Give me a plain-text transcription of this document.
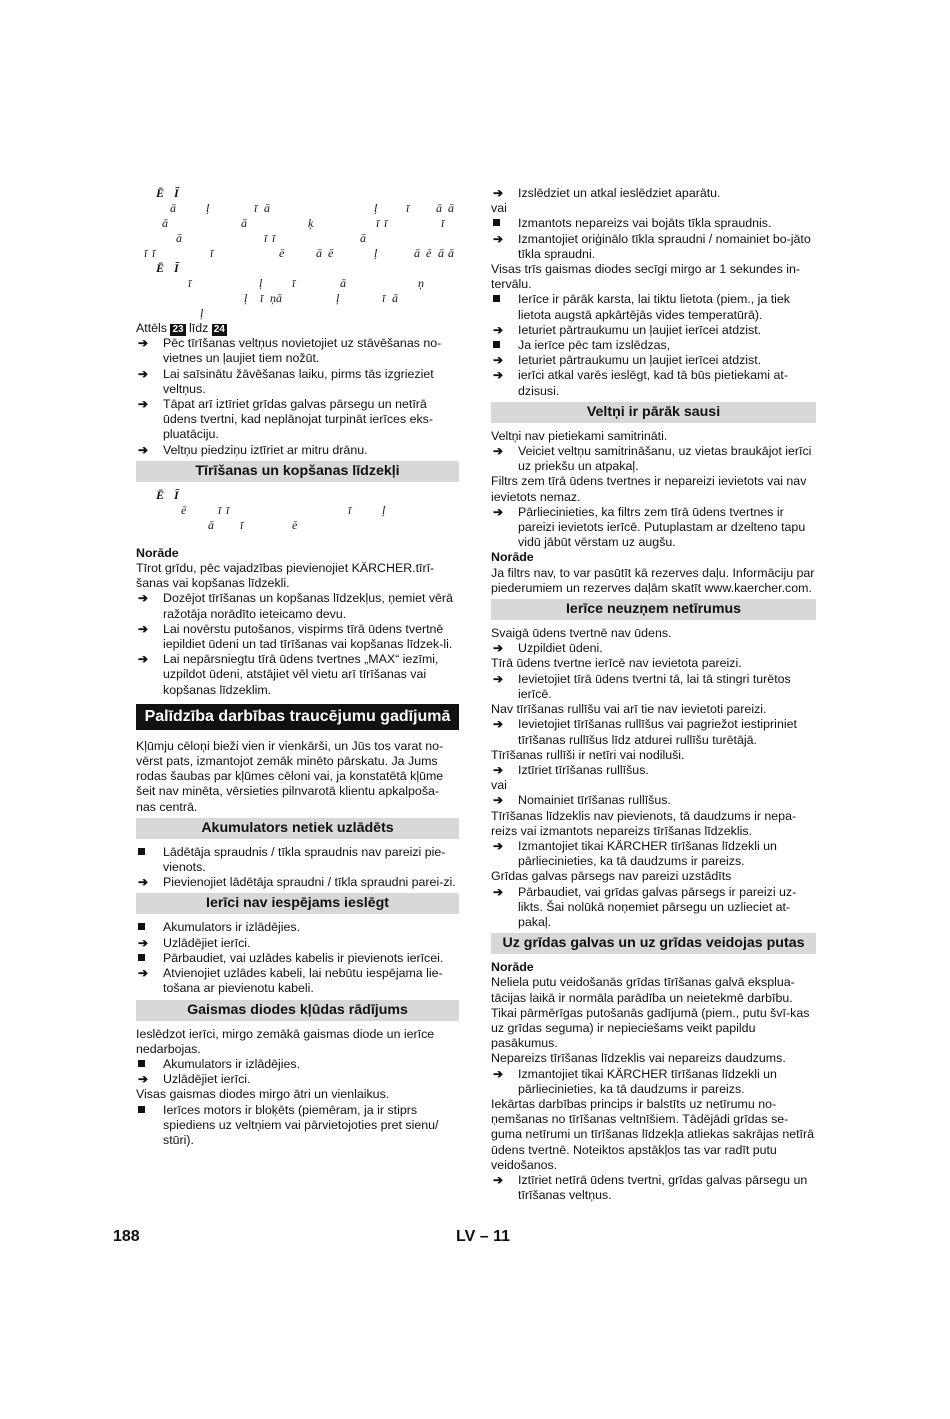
Ē Ī
ā	ļ	ī ā	ļ ī ā ā
ā	ā	ķ	ī ī	ī
ā	ī ī	ā
ī ī	ī	ē	ā ē	ļ	ā ē ā ā
Ē Ī
ī	ļ ī	ā	ņ
ļ ī ņā	ļ	ī ā
ļ

Attēls 23 līdz 24

➔
Pēc tīrīšanas veltņus novietojiet uz stāvēšanas no-vietnes un ļaujiet tiem nožūt.
➔
Lai saīsinātu žāvēšanas laiku, pirms tās izgrieziet veltņus.
➔
Tāpat arī iztīriet grīdas galvas pārsegu un netīrā ūdens tvertni, kad neplānojat turpināt ierīces eks-pluatāciju.
➔
Veltņu piedziņu iztīriet ar mitru drānu.
Tīrīšanas un kopšanas līdzekļi
Ē Ī
ē	ī ī	ī	ļ
ā ī	ē

Norāde

Tīrot grīdu, pēc vajadzības pievienojiet KÄRCHER.tīrī-šanas vai kopšanas līdzekli.

➔
Dozējot tīrīšanas un kopšanas līdzekļus, ņemiet vērā ražotāja norādīto ieteicamo devu.
➔
Lai novērstu putošanos, vispirms tīrā ūdens tvertnē iepildiet ūdeni un tad tīrīšanas vai kopšanas līdzek-li.
➔
Lai nepārsniegtu tīrā ūdens tvertnes „MAX“ iezīmi, uzpildot ūdeni, atstājiet vēl vietu arī tīrīšanas vai kopšanas līdzeklim.
Palīdzība darbības traucējumu gadījumā

Kļūmju cēloņi bieži vien ir vienkārši, un Jūs tos varat no-vērst pats, izmantojot zemāk minēto pārskatu. Ja Jums rodas šaubas par kļūmes cēloni vai, ja konstatētā kļūme šeit nav minēta, vērsieties pilnvarotā klientu apkalpoša-nas centrā.

Akumulators netiek uzlādēts
Lādētāja spraudnis / tīkla spraudnis nav pareizi pie-vienots.
➔
Pievienojiet lādētāja spraudni / tīkla spraudni parei-zi.
Ierīci nav iespējams ieslēgt
Akumulators ir izlādējies.
➔
Uzlādējiet ierīci.
Pārbaudiet, vai uzlādes kabelis ir pievienots ierīcei.
➔
Atvienojiet uzlādes kabeli, lai nebūtu iespējama lie-tošana ar pievienotu kabeli.
Gaismas diodes kļūdas rādījums

Ieslēdzot ierīci, mirgo zemākā gaismas diode un ierīce nedarbojas.

Akumulators ir izlādējies.
➔
Uzlādējiet ierīci.

Visas gaismas diodes mirgo ātri un vienlaikus.

Ierīces motors ir bloķēts (piemēram, ja ir stiprs spiediens uz veltņiem vai pārvietojoties pret sienu/ stūri).
➔
Izslēdziet un atkal ieslēdziet aparātu.

vai

Izmantots nepareizs vai bojāts tīkla spraudnis.
➔
Izmantojiet oriģinālo tīkla spraudni / nomainiet bo-jāto tīkla spraudni.

Visas trīs gaismas diodes secīgi mirgo ar 1 sekundes in-tervālu.

Ierīce ir pārāk karsta, lai tiktu lietota (piem., ja tiek lietota augstā apkārtējās vides temperatūrā).
➔
Ieturiet pārtraukumu un ļaujiet ierīcei atdzist.
Ja ierīce pēc tam izslēdzas,
➔
Ieturiet pārtraukumu un ļaujiet ierīcei atdzist.
➔
ierīci atkal varēs ieslēgt, kad tā būs pietiekami at-dzisusi.
Veltņi ir pārāk sausi

Veltņi nav pietiekami samitrināti.

➔
Veiciet veltņu samitrināšanu, uz vietas braukājot ierīci uz priekšu un atpakaļ.

Filtrs zem tīrā ūdens tvertnes ir nepareizi ievietots vai nav ievietots nemaz.

➔
Pārliecinieties, ka filtrs zem tīrā ūdens tvertnes ir pareizi ievietots ierīcē. Putuplastam ar dzelteno tapu vidū jābūt vērstam uz augšu.

Norāde

Ja filtrs nav, to var pasūtīt kā rezerves daļu. Informāciju par piederumiem un rezerves daļām skatīt www.kaercher.com.

Ierīce neuzņem netīrumus

Svaigā ūdens tvertnē nav ūdens.

➔
Uzpildiet ūdeni.

Tīrā ūdens tvertne ierīcē nav ievietota pareizi.

➔
Ievietojiet tīrā ūdens tvertni tā, lai tā stingri turētos ierīcē.

Nav tīrīšanas rullīšu vai arī tie nav ievietoti pareizi.

➔
Ievietojiet tīrīšanas rullīšus vai pagriežot iestipriniet tīrīšanas rullīšus līdz atdurei rullīšu turētājā.

Tīrīšanas rullīši ir netīri vai nodiluši.

➔
Iztīriet tīrīšanas rullīšus.

vai

➔
Nomainiet tīrīšanas rullīšus.

Tīrīšanas līdzeklis nav pievienots, tā daudzums ir nepa-reizs vai izmantots nepareizs tīrīšanas līdzeklis.

➔
Izmantojiet tikai KÄRCHER tīrīšanas līdzekli un pārliecinieties, ka tā daudzums ir pareizs.

Grīdas galvas pārsegs nav pareizi uzstādīts

➔
Pārbaudiet, vai grīdas galvas pārsegs ir pareizi uz-likts. Šai nolūkā noņemiet pārsegu un uzlieciet at-pakaļ.
Uz grīdas galvas un uz grīdas veidojas putas

Norāde

Neliela putu veidošanās grīdas tīrīšanas galvā eksplua-tācijas laikā ir normāla parādība un neietekmē darbību. Tikai pārmērīgas putošanās gadījumā (piem., putu švī-kas uz grīdas seguma) ir nepieciešams veikt papildu pasākumus.

Nepareizs tīrīšanas līdzeklis vai nepareizs daudzums.

➔
Izmantojiet tikai KÄRCHER tīrīšanas līdzekli un pārliecinieties, ka tā daudzums ir pareizs.

Iekārtas darbības princips ir balstīts uz netīrumu no-ņemšanas no tīrīšanas veltnīšiem. Tādējādi grīdas se-guma netīrumi un tīrīšanas līdzekļa atliekas sakrājas netīrā ūdens tvertnē. Noteiktos apstākļos tas var radīt putu veidošanos.

➔
Iztīriet netīrā ūdens tvertni, grīdas galvas pārsegu un tīrīšanas veltņus.
188	LV – 11
